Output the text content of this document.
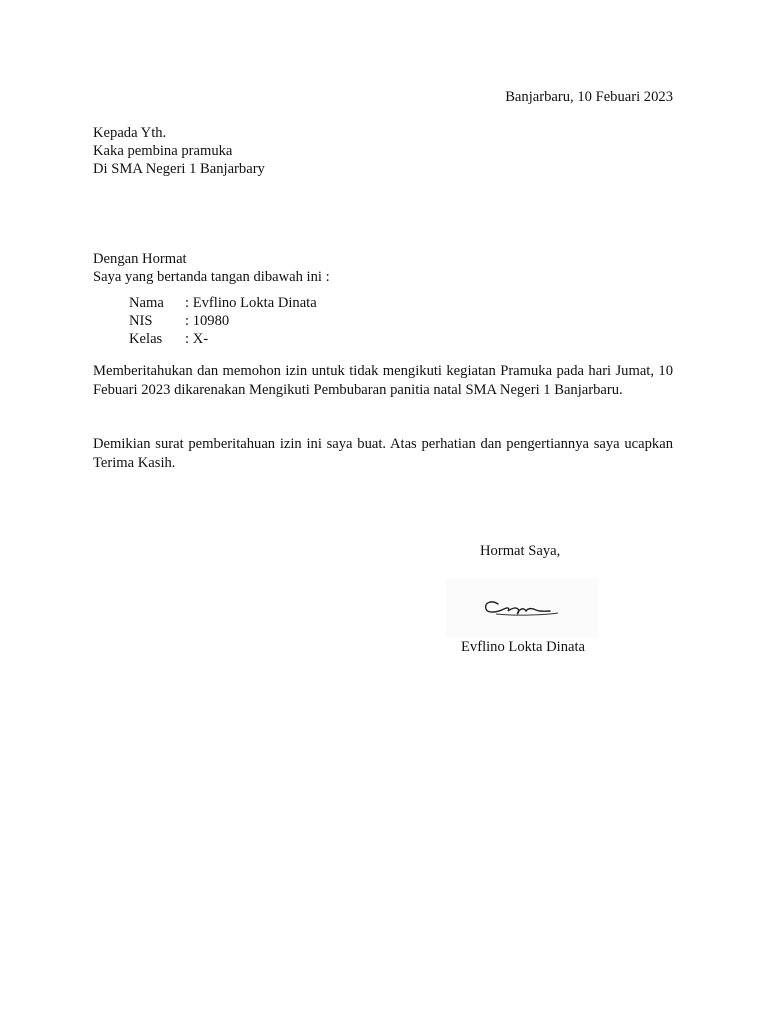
Banjarbaru, 10 Febuari 2023
Kepada Yth.
Kaka pembina pramuka
Di SMA Negeri 1 Banjarbary
Dengan Hormat
Saya yang bertanda tangan dibawah ini :
Nama : Evflino Lokta Dinata
NIS : 10980
Kelas : X-

Memberitahukan dan memohon izin untuk tidak mengikuti kegiatan Pramuka pada hari Jumat, 10 Febuari 2023 dikarenakan Mengikuti Pembubaran panitia natal SMA Negeri 1 Banjarbaru.

Demikian surat pemberitahuan izin ini saya buat. Atas perhatian dan pengertiannya saya ucapkan Terima Kasih.

Hormat Saya,
Evflino Lokta Dinata
